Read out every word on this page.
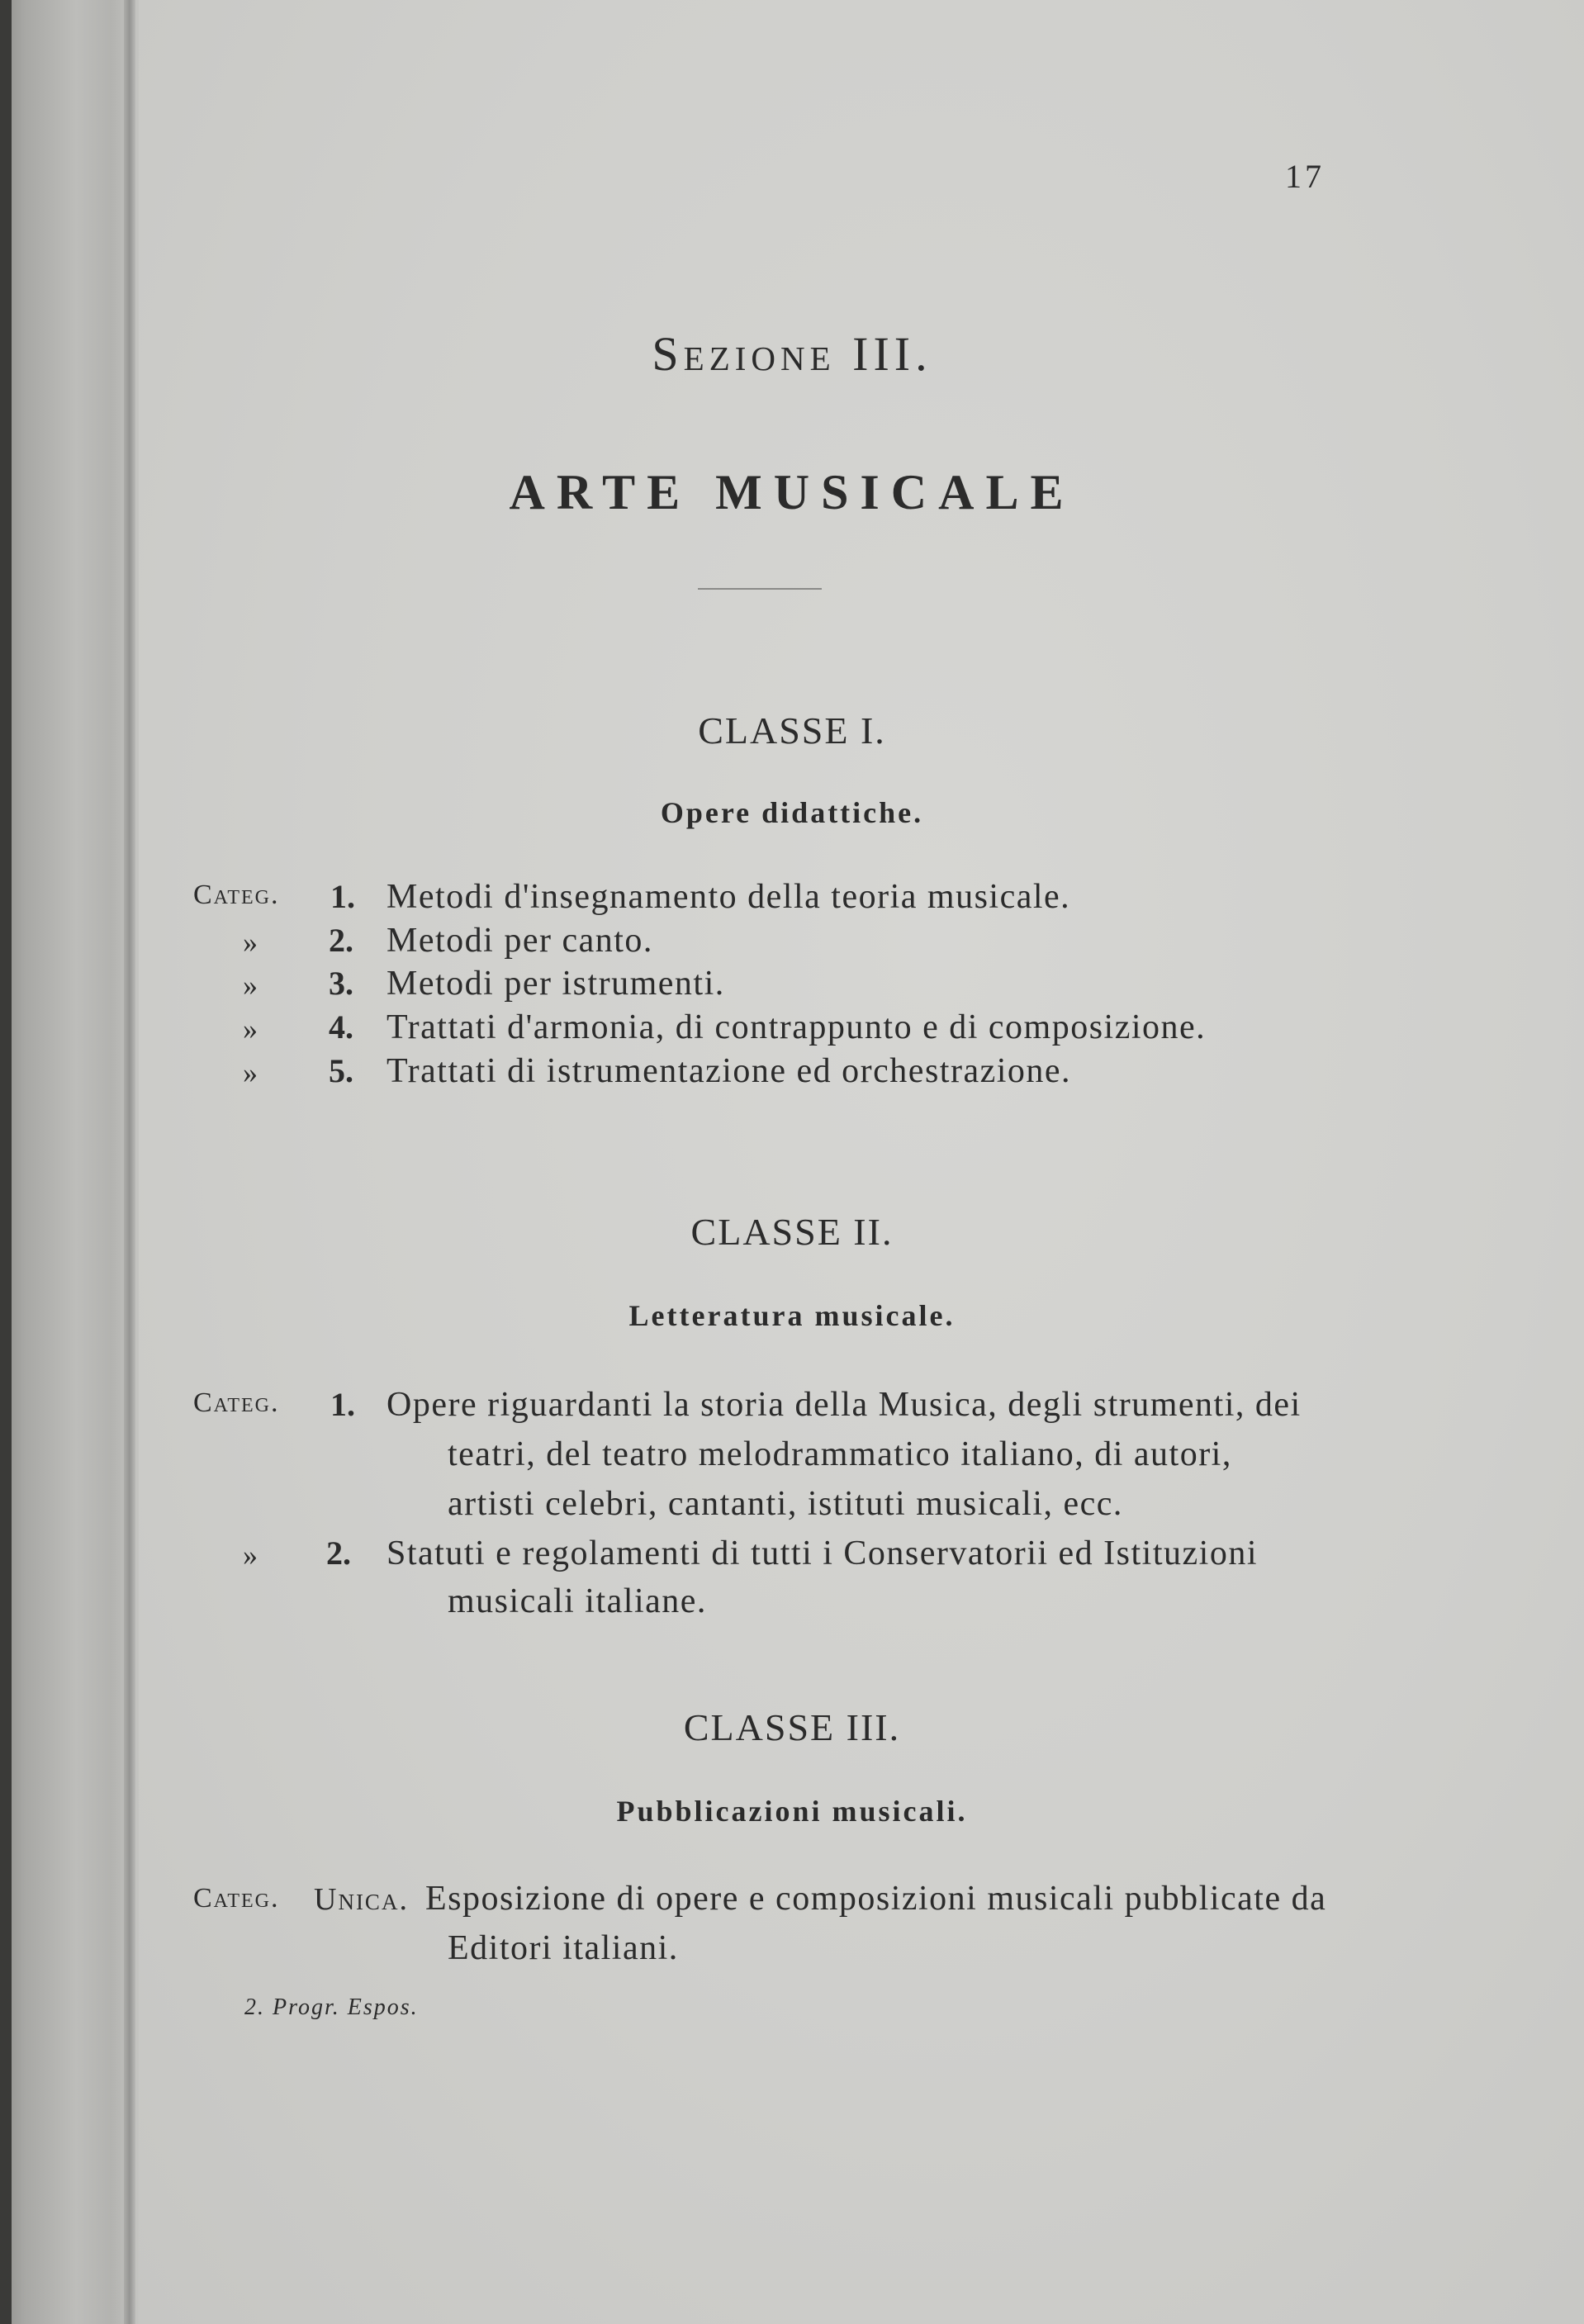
17
Sezione III.
ARTE MUSICALE
CLASSE I.
Opere didattiche.
Categ. 1. Metodi d'insegnamento della teoria musicale.
» 2. Metodi per canto.
» 3. Metodi per istrumenti.
» 4. Trattati d'armonia, di contrappunto e di composizione.
» 5. Trattati di istrumentazione ed orchestrazione.
CLASSE II.
Letteratura musicale.
Categ. 1. Opere riguardanti la storia della Musica, degli strumenti, dei
teatri, del teatro melodrammatico italiano, di autori,
artisti celebri, cantanti, istituti musicali, ecc.
» 2. Statuti e regolamenti di tutti i Conservatorii ed Istituzioni
musicali italiane.
CLASSE III.
Pubblicazioni musicali.
Categ. Unica. Esposizione di opere e composizioni musicali pubblicate da
Editori italiani.
2. Progr. Espos.
